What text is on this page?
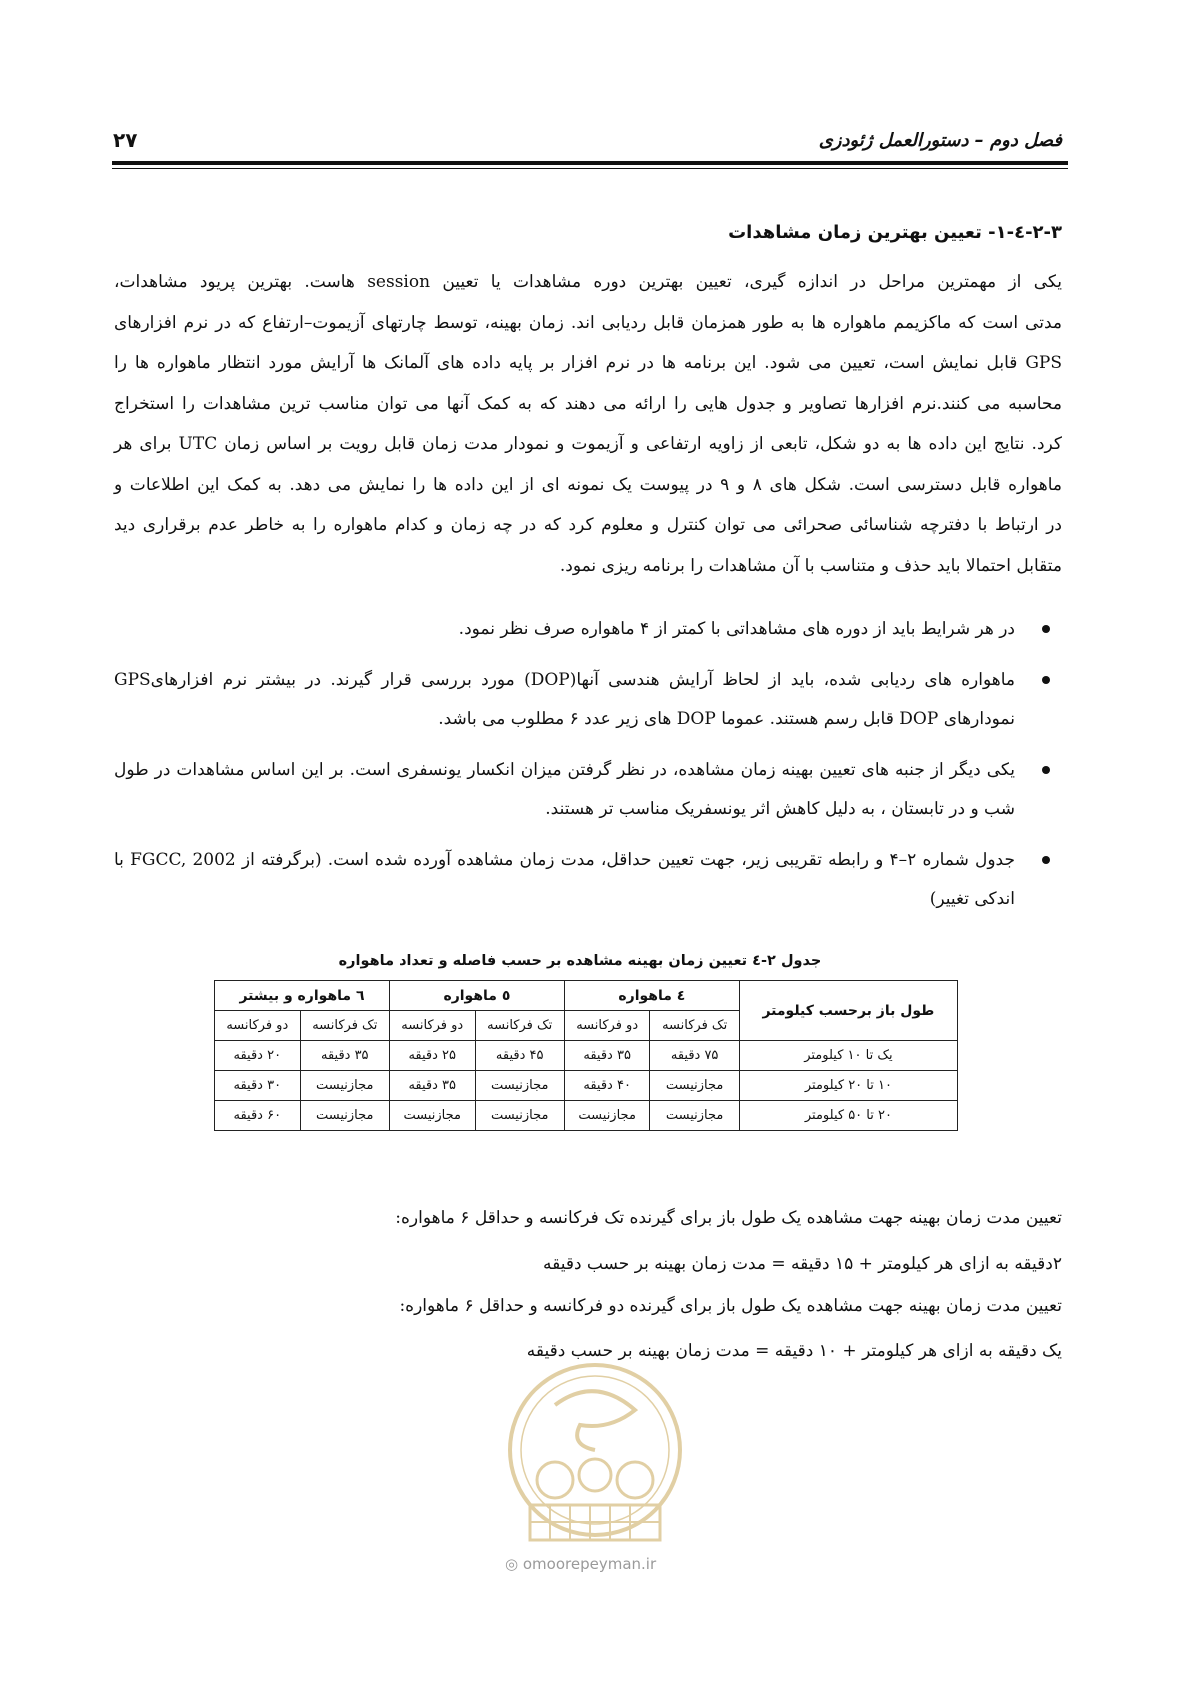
فصل دوم – دستورالعمل ژئودزی
۲۷
۲-۳-٤-۱- تعیین بهترین زمان مشاهدات
یکی از مهمترین مراحل در اندازه گیری، تعیین بهترین دوره مشاهدات یا تعیین session هاست. بهترین پریود مشاهدات،
مدتی است که ماکزیمم ماهواره ها به طور همزمان قابل ردیابی اند. زمان بهینه، توسط چارتهای آزیموت–ارتفاع که در نرم افزارهای
GPS قابل نمایش است، تعیین می شود. این برنامه ها در نرم افزار بر پایه داده های آلمانک ها آرایش مورد انتظار ماهواره ها را
محاسبه می کنند.نرم افزارها تصاویر و جدول هایی را ارائه می دهند که به کمک آنها می توان مناسب ترین مشاهدات را استخراج
کرد. نتایج این داده ها به دو شکل، تابعی از زاویه ارتفاعی و آزیموت و نمودار مدت زمان قابل رویت بر اساس زمان UTC برای هر
ماهواره قابل دسترسی است. شکل های ۸ و ۹ در پیوست یک نمونه ای از این داده ها را نمایش می دهد. به کمک این اطلاعات و
در ارتباط با دفترچه شناسائی صحرائی می توان کنترل و معلوم کرد که در چه زمان و کدام ماهواره را به خاطر عدم برقراری دید
متقابل احتمالا باید حذف و متناسب با آن مشاهدات را برنامه ریزی نمود.
در هر شرایط باید از دوره های مشاهداتی با کمتر از ۴ ماهواره صرف نظر نمود.
ماهواره های ردیابی شده، باید از لحاظ آرایش هندسی آنها(DOP) مورد بررسی قرار گیرند. در بیشتر نرم افزارهایGPS نمودارهای DOP قابل رسم هستند. عموما DOP های زیر عدد ۶ مطلوب می باشد.
یکی دیگر از جنبه های تعیین بهینه زمان مشاهده، در نظر گرفتن میزان انکسار یونسفری است. بر این اساس مشاهدات در طول شب و در تابستان ، به دلیل کاهش اثر یونسفریک مناسب تر هستند.
جدول شماره ۲–۴ و رابطه تقریبی زیر، جهت تعیین حداقل، مدت زمان مشاهده آورده شده است. (برگرفته از FGCC, 2002 با اندکی تغییر)
جدول ۲-٤ تعیین زمان بهینه مشاهده بر حسب فاصله و تعداد ماهواره
طول باز برحسب کیلومتر	٤ ماهواره		٥ ماهواره		٦ ماهواره و بیشتر	
	تک فرکانسه	دو فرکانسه	تک فرکانسه	دو فرکانسه	تک فرکانسه	دو فرکانسه
یک تا ۱۰ کیلومتر	۷۵ دقیقه	۳۵ دقیقه	۴۵ دقیقه	۲۵ دقیقه	۳۵ دقیقه	۲۰ دقیقه
۱۰ تا ۲۰ کیلومتر	مجازنیست	۴۰ دقیقه	مجازنیست	۳۵ دقیقه	مجازنیست	۳۰ دقیقه
۲۰ تا ۵۰ کیلومتر	مجازنیست	مجازنیست	مجازنیست	مجازنیست	مجازنیست	۶۰ دقیقه
تعیین مدت زمان بهینه جهت مشاهده یک طول باز برای گیرنده تک فرکانسه و حداقل ۶ ماهواره:
۲دقیقه به ازای هر کیلومتر + ۱۵ دقیقه = مدت زمان بهینه بر حسب دقیقه
تعیین مدت زمان بهینه جهت مشاهده یک طول باز برای گیرنده دو فرکانسه و حداقل ۶ ماهواره:
یک دقیقه به ازای هر کیلومتر + ۱۰ دقیقه = مدت زمان بهینه بر حسب دقیقه
◎ omoorepeyman.ir
